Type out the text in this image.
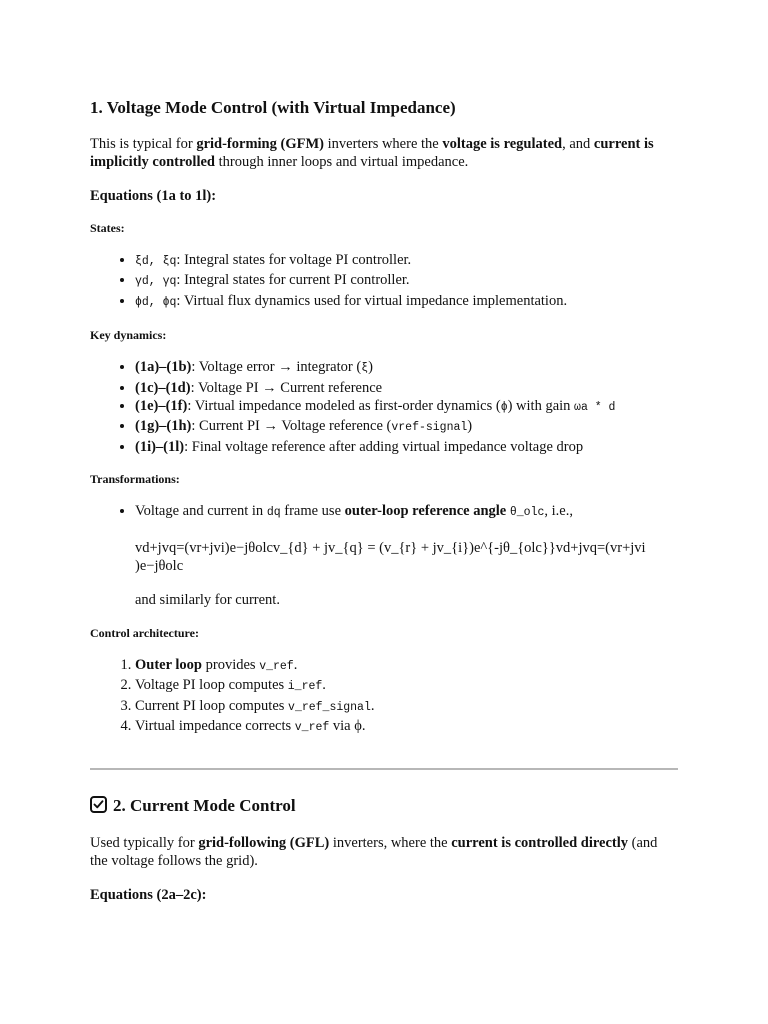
1. Voltage Mode Control (with Virtual Impedance)

This is typical for grid-forming (GFM) inverters where the voltage is regulated, and current is implicitly controlled through inner loops and virtual impedance.

Equations (1a to 1l):

States:

• ξd, ξq: Integral states for voltage PI controller.
• γd, γq: Integral states for current PI controller.
• ϕd, ϕq: Virtual flux dynamics used for virtual impedance implementation.

Key dynamics:

• (1a)–(1b): Voltage error → integrator (ξ)
• (1c)–(1d): Voltage PI → Current reference
• (1e)–(1f): Virtual impedance modeled as first-order dynamics (ϕ) with gain ωa * d
• (1g)–(1h): Current PI → Voltage reference (vref-signal)
• (1i)–(1l): Final voltage reference after adding virtual impedance voltage drop

Transformations:

• Voltage and current in dq frame use outer-loop reference angle θ_olc, i.e.,
vd+jvq=(vr+jvi)e−jθolcv_{d} + jv_{q} = (v_{r} + jv_{i})e^{-jθ_{olc}}vd+jvq=(vr+jvi
)e−jθolc
and similarly for current.

Control architecture:

1. Outer loop provides v_ref.
2. Voltage PI loop computes i_ref.
3. Current PI loop computes v_ref_signal.
4. Virtual impedance corrects v_ref via ϕ.
2. Current Mode Control

Used typically for grid-following (GFL) inverters, where the current is controlled directly (and the voltage follows the grid).

Equations (2a–2c):
